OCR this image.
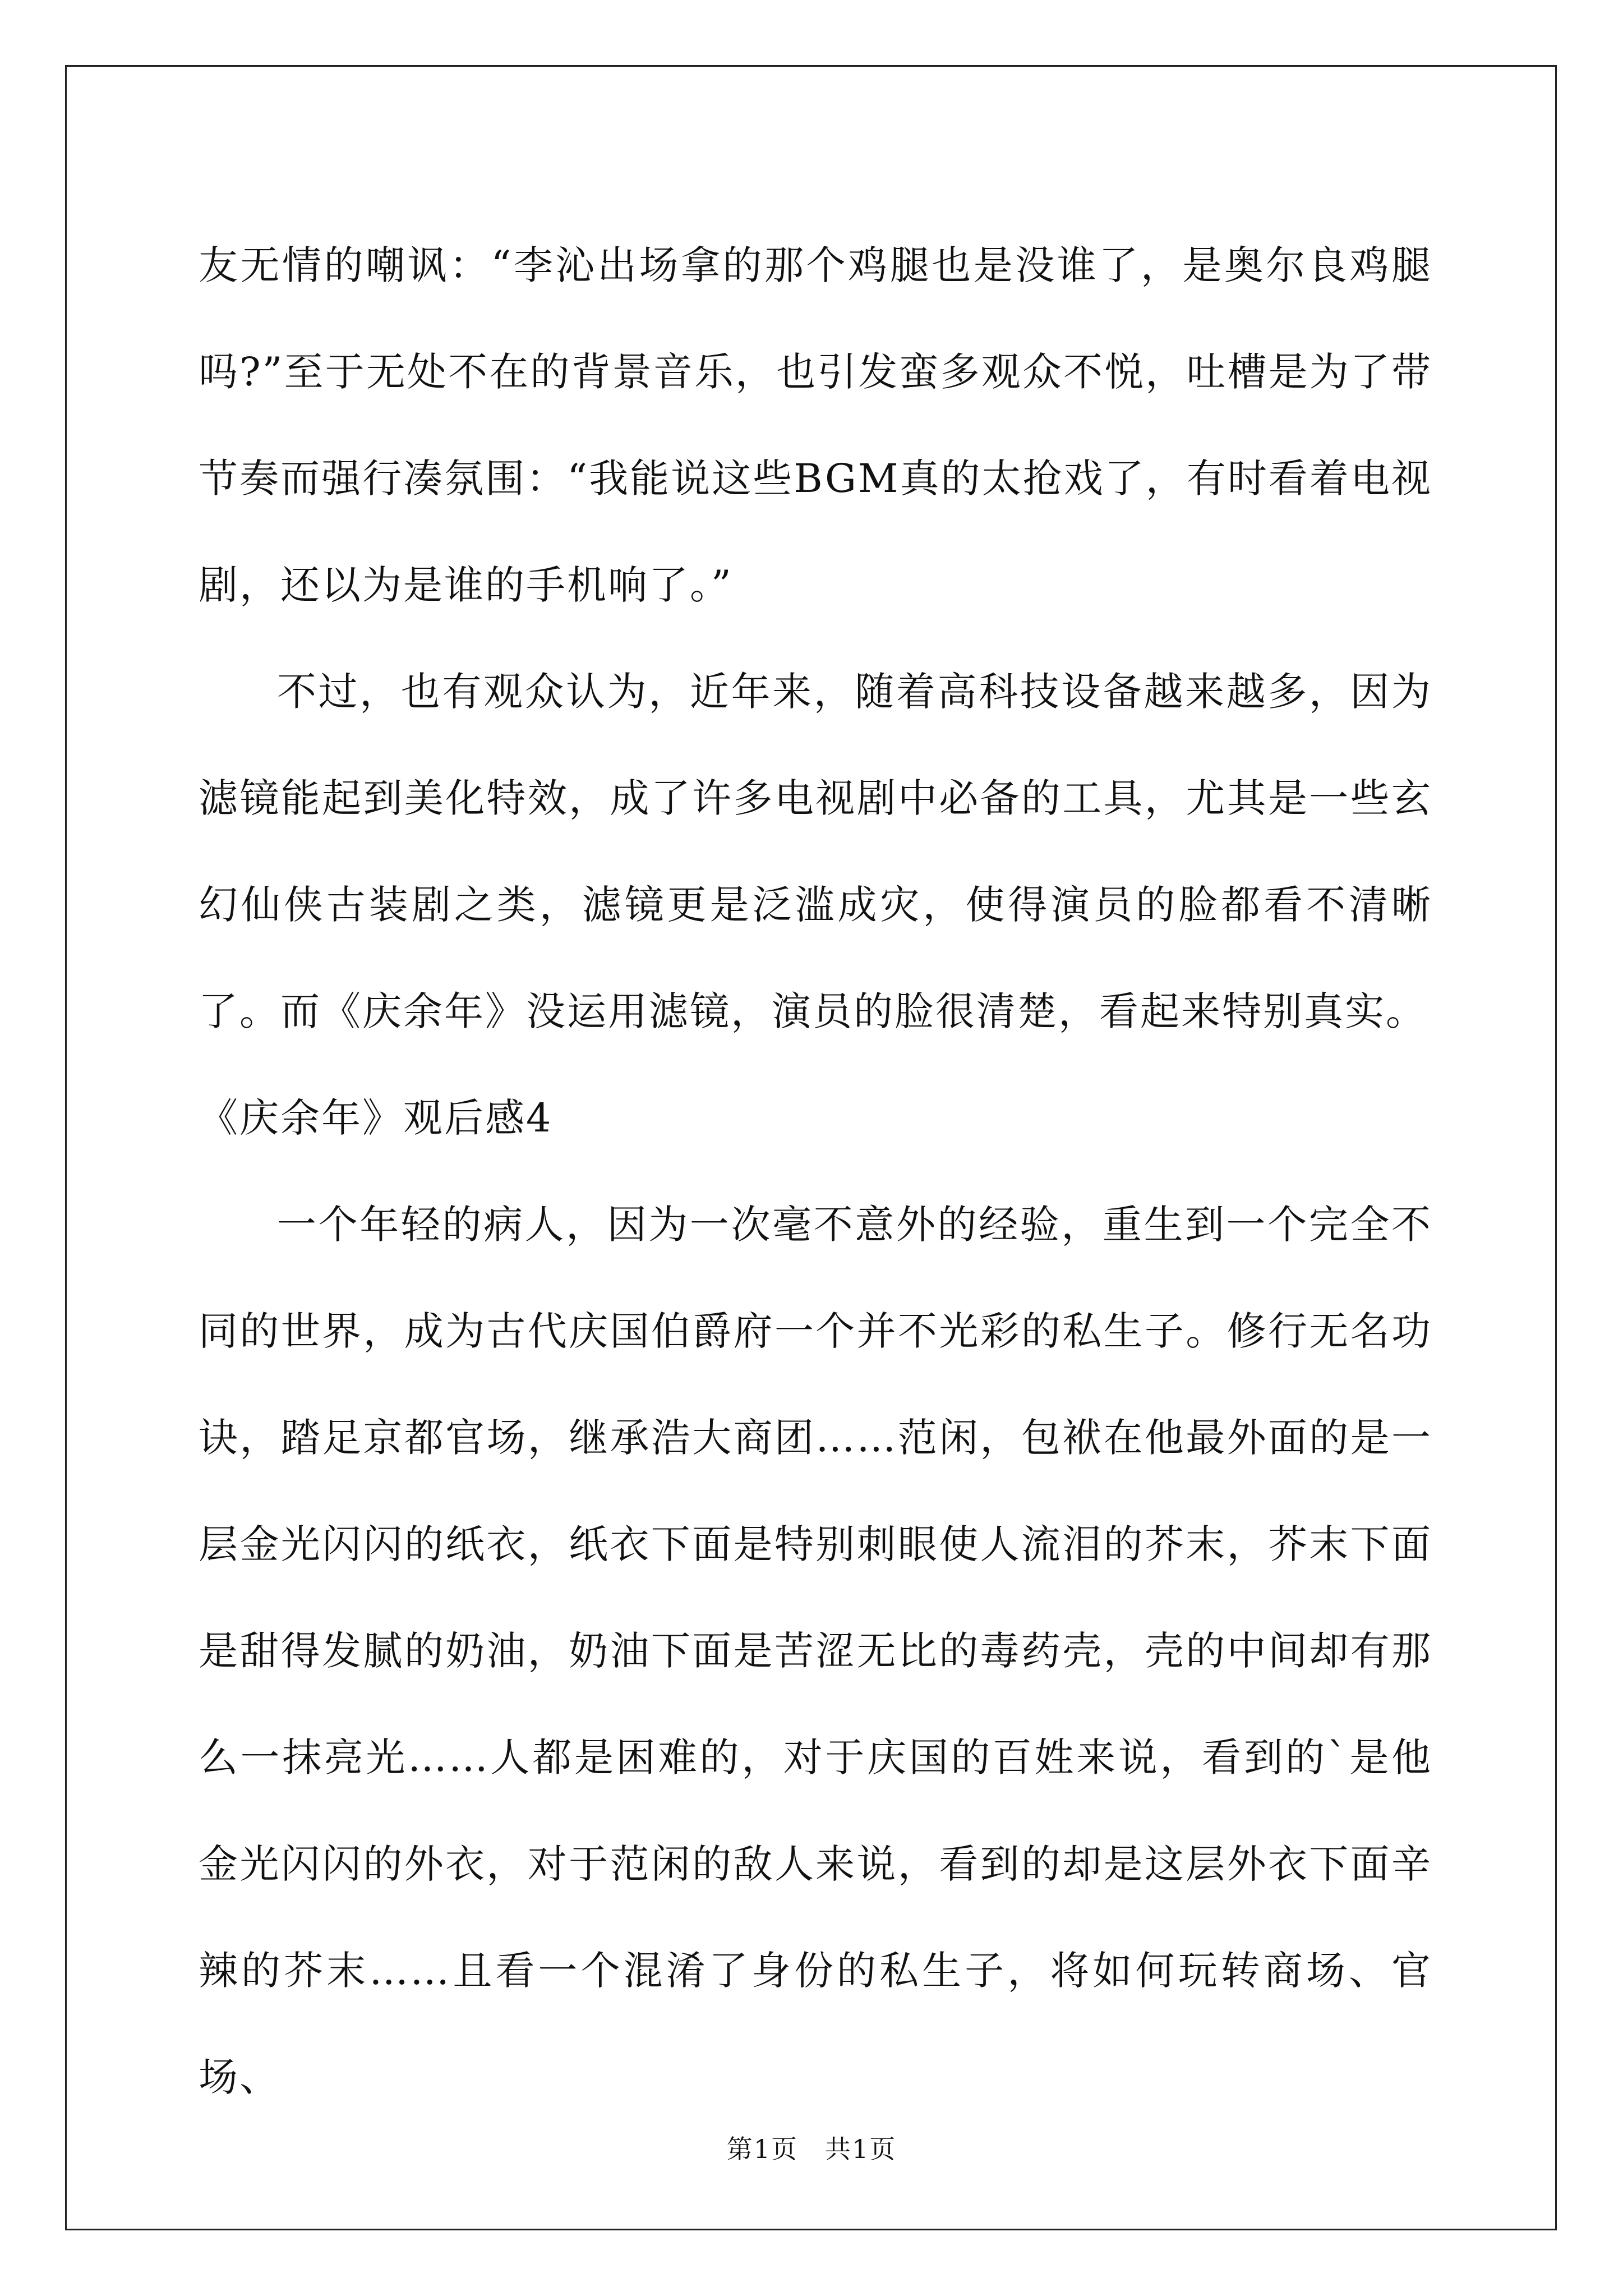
友无情的嘲讽：“李沁出场拿的那个鸡腿也是没谁了，是奥尔良鸡腿吗?”至于无处不在的背景音乐，也引发蛮多观众不悦，吐槽是为了带节奏而强行凑氛围：“我能说这些BGM真的太抢戏了，有时看着电视剧，还以为是谁的手机响了。”

不过，也有观众认为，近年来，随着高科技设备越来越多，因为滤镜能起到美化特效，成了许多电视剧中必备的工具，尤其是一些玄幻仙侠古装剧之类，滤镜更是泛滥成灾，使得演员的脸都看不清晰了。而《庆余年》没运用滤镜，演员的脸很清楚，看起来特别真实。

《庆余年》观后感4

一个年轻的病人，因为一次毫不意外的经验，重生到一个完全不同的世界，成为古代庆国伯爵府一个并不光彩的私生子。修行无名功诀，踏足京都官场，继承浩大商团……范闲，包袱在他最外面的是一层金光闪闪的纸衣，纸衣下面是特别刺眼使人流泪的芥末，芥末下面是甜得发腻的奶油，奶油下面是苦涩无比的毒药壳，壳的中间却有那么一抹亮光……人都是困难的，对于庆国的百姓来说，看到的`是他金光闪闪的外衣，对于范闲的敌人来说，看到的却是这层外衣下面辛辣的芥末……且看一个混淆了身份的私生子，将如何玩转商场、官场、

第1页　共1页
